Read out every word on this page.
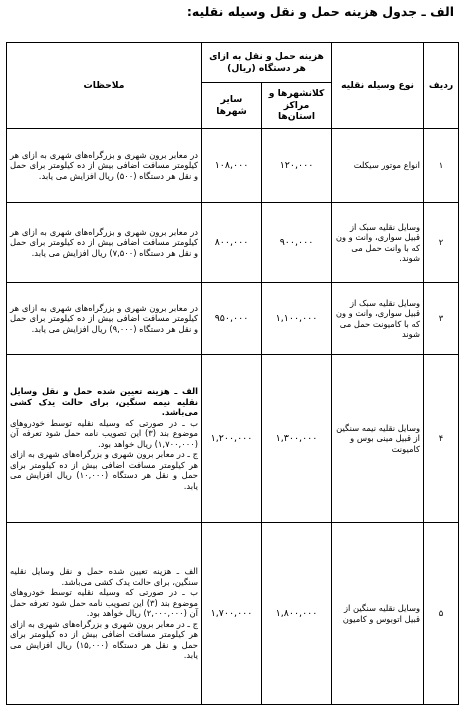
الف ـ جدول هزینه حمل و نقل وسیله نقلیه:
ردیف	نوع وسیله نقلیه	هزینه حمل و نقل به ازای هر دستگاه (ریال)		ملاحظات
		کلانشهرها و مراکز استان‌ها	سایر شهرها	
۱	انواع موتور سیکلت	۱۲۰,۰۰۰	۱۰۸,۰۰۰	در معابر برون شهری و بزرگراه‌های شهری به ازای هر کیلومتر مسافت اضافی بیش از ده کیلومتر برای حمل و نقل هر دستگاه (۵۰۰) ریال افزایش می یابد.

۲	وسایل نقلیه سبک از قبیل سواری، وانت و ون که با وانت حمل می شوند.	۹۰۰,۰۰۰	۸۰۰,۰۰۰	در معابر برون شهری و بزرگراه‌های شهری به ازای هر کیلومتر مسافت اضافی بیش از ده کیلومتر برای حمل و نقل هر دستگاه (۷,۵۰۰) ریال افزایش می یابد.

۳	وسایل نقلیه سبک از قبیل سواری، وانت و ون که با کامیونت حمل می شوند	۱,۱۰۰,۰۰۰	۹۵۰,۰۰۰	در معابر برون شهری و بزرگراه‌های شهری به ازای هر کیلومتر مسافت اضافی بیش از ده کیلومتر برای حمل و نقل هر دستگاه (۹,۰۰۰) ریال افزایش می یابد.

۴	وسایل نقلیه نیمه سنگین از قبیل مینی بوس و کامیونت	۱,۳۰۰,۰۰۰	۱,۲۰۰,۰۰۰	الف ـ هزینه تعیین شده حمل و نقل وسایل نقلیه نیمه سنگین، برای حالت یدک کشی می‌باشد.
ب ـ در صورتی که وسیله نقلیه توسط خودروهای موضوع بند (۳) این تصویب نامه حمل شود تعرفه آن (۱,۷۰۰,۰۰۰) ریال خواهد بود.
ج ـ در معابر برون شهری و بزرگراه‌های شهری به ازای هر کیلومتر مسافت اضافی بیش از ده کیلومتر برای حمل و نقل هر دستگاه (۱۰,۰۰۰) ریال افزایش می یابد.

۵	وسایل نقلیه سنگین از قبیل اتوبوس و کامیون	۱,۸۰۰,۰۰۰	۱,۷۰۰,۰۰۰	الف ـ هزینه تعیین شده حمل و نقل وسایل نقلیه سنگین، برای حالت یدک کشی می‌باشد.
ب ـ در صورتی که وسیله نقلیه توسط خودروهای موضوع بند (۳) این تصویب نامه حمل شود تعرفه حمل آن (۲,۰۰۰,۰۰۰) ریال خواهد بود.
ج ـ در معابر برون شهری و بزرگراه‌های شهری به ازای هر کیلومتر مسافت اضافی بیش از ده کیلومتر برای حمل و نقل هر دستگاه (۱۵,۰۰۰) ریال افزایش می یابد.
